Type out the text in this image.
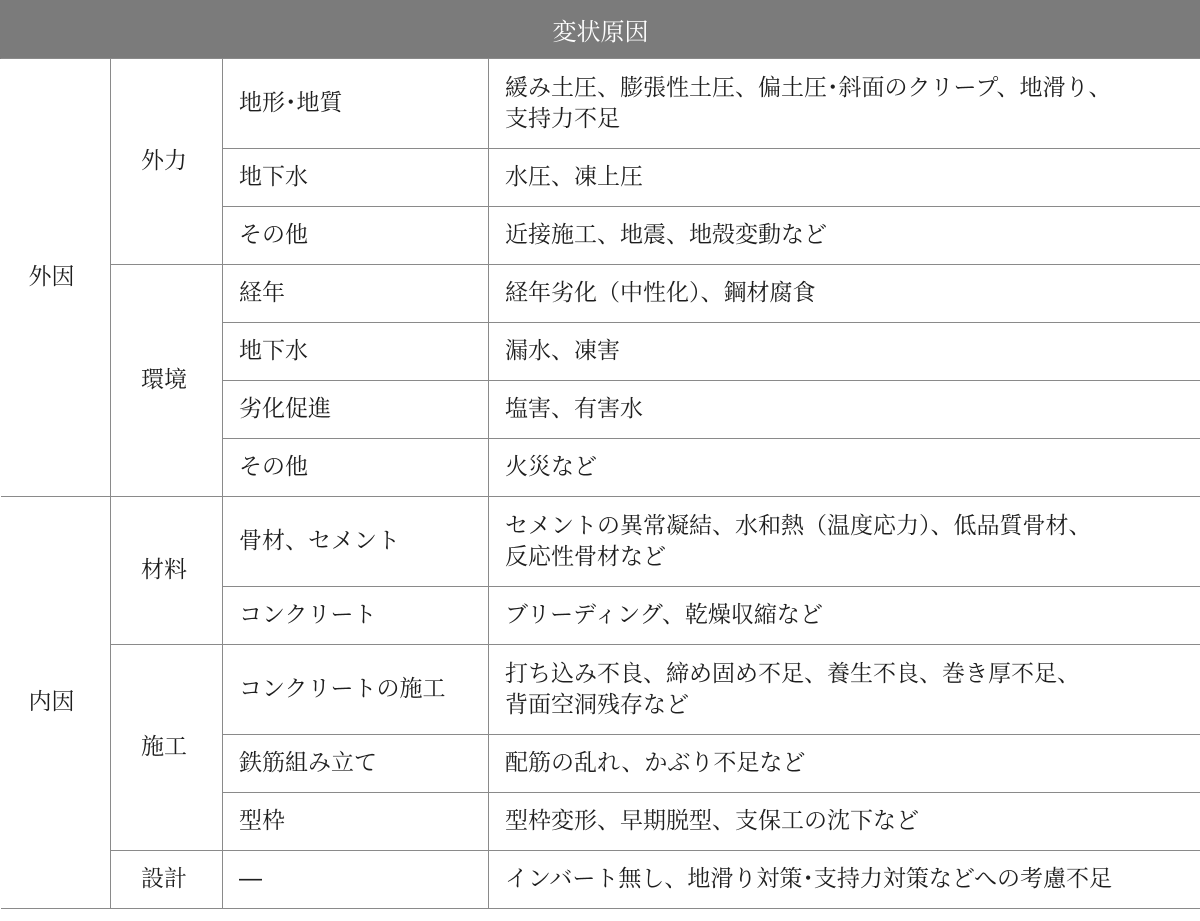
変状原因			
外因	外力	地形･地質	緩み土圧、膨張性土圧、偏土圧･斜面のクリープ、地滑り、
支持力不足

		地下水	水圧、凍上圧
		その他	近接施工、地震、地殻変動など
	環境	経年	経年劣化（中性化）、鋼材腐食
		地下水	漏水、凍害
		劣化促進	塩害、有害水
		その他	火災など
内因	材料	骨材、セメント	セメントの異常凝結、水和熱（温度応力）、低品質骨材、
反応性骨材など

		コンクリート	ブリーディング、乾燥収縮など
	施工	コンクリートの施工	打ち込み不良、締め固め不足、養生不良、巻き厚不足、
背面空洞残存など

		鉄筋組み立て	配筋の乱れ、かぶり不足など
		型枠	型枠変形、早期脱型、支保工の沈下など
	設計	―	インバート無し、地滑り対策･支持力対策などへの考慮不足
